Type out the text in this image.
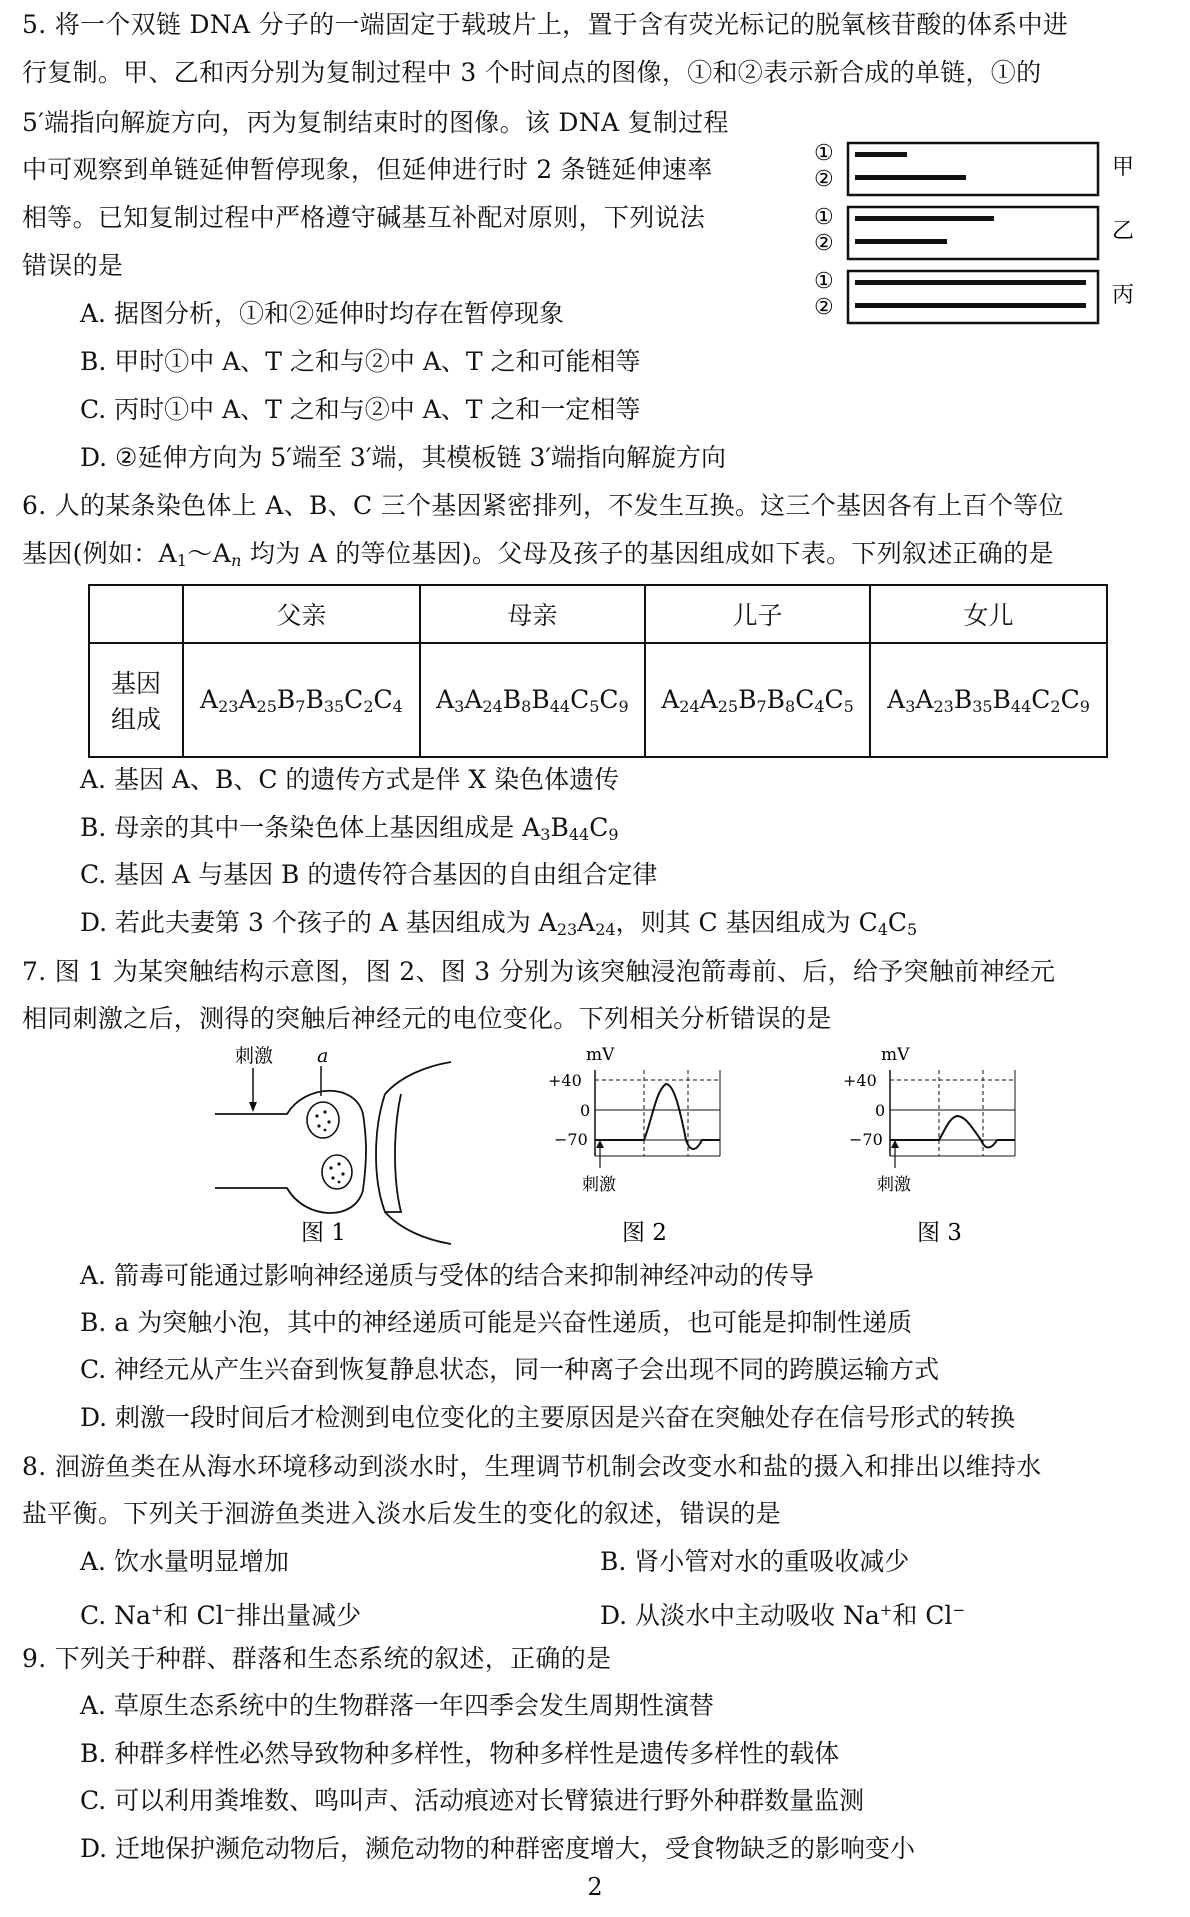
5. 将一个双链 DNA 分子的一端固定于载玻片上，置于含有荧光标记的脱氧核苷酸的体系中进
行复制。甲、乙和丙分别为复制过程中 3 个时间点的图像，①和②表示新合成的单链，①的
5′端指向解旋方向，丙为复制结束时的图像。该 DNA 复制过程
中可观察到单链延伸暂停现象，但延伸进行时 2 条链延伸速率
相等。已知复制过程中严格遵守碱基互补配对原则，下列说法
错误的是
A. 据图分析，①和②延伸时均存在暂停现象
B. 甲时①中 A、T 之和与②中 A、T 之和可能相等
C. 丙时①中 A、T 之和与②中 A、T 之和一定相等
D. ②延伸方向为 5′端至 3′端，其模板链 3′端指向解旋方向
①
②	甲
①
②	乙
①
②	丙
6. 人的某条染色体上 A、B、C 三个基因紧密排列，不发生互换。这三个基因各有上百个等位
基因(例如：$A_1\sim A_n$ 均为 A 的等位基因)。父母及孩子的基因组成如下表。下列叙述正确的是
	父亲	母亲	儿子	女儿
基因
组成	$A_{23}A_{25}B_7B_{35}C_2C_4$	$A_3A_{24}B_8B_{44}C_5C_9$	$A_{24}A_{25}B_7B_8C_4C_5$	$A_3A_{23}B_{35}B_{44}C_2C_9$
A. 基因 A、B、C 的遗传方式是伴 X 染色体遗传
B. 母亲的其中一条染色体上基因组成是 $A_3B_{44}C_9$
C. 基因 A 与基因 B 的遗传符合基因的自由组合定律
D. 若此夫妻第 3 个孩子的 A 基因组成为 $A_{23}A_{24}$，则其 C 基因组成为 $C_4C_5$
7. 图 1 为某突触结构示意图，图 2、图 3 分别为该突触浸泡箭毒前、后，给予突触前神经元
相同刺激之后，测得的突触后神经元的电位变化。下列相关分析错误的是
刺激 a
图 1
mV
+40
0
−70
刺激
图 2
mV
+40
0
−70
刺激
图 3
A. 箭毒可能通过影响神经递质与受体的结合来抑制神经冲动的传导
B. a 为突触小泡，其中的神经递质可能是兴奋性递质，也可能是抑制性递质
C. 神经元从产生兴奋到恢复静息状态，同一种离子会出现不同的跨膜运输方式
D. 刺激一段时间后才检测到电位变化的主要原因是兴奋在突触处存在信号形式的转换
8. 洄游鱼类在从海水环境移动到淡水时，生理调节机制会改变水和盐的摄入和排出以维持水
盐平衡。下列关于洄游鱼类进入淡水后发生的变化的叙述，错误的是
A. 饮水量明显增加	B. 肾小管对水的重吸收减少
C. Na+和 Cl−排出量减少	D. 从淡水中主动吸收 Na+和 Cl−
9. 下列关于种群、群落和生态系统的叙述，正确的是
A. 草原生态系统中的生物群落一年四季会发生周期性演替
B. 种群多样性必然导致物种多样性，物种多样性是遗传多样性的载体
C. 可以利用粪堆数、鸣叫声、活动痕迹对长臂猿进行野外种群数量监测
D. 迁地保护濒危动物后，濒危动物的种群密度增大，受食物缺乏的影响变小
2
